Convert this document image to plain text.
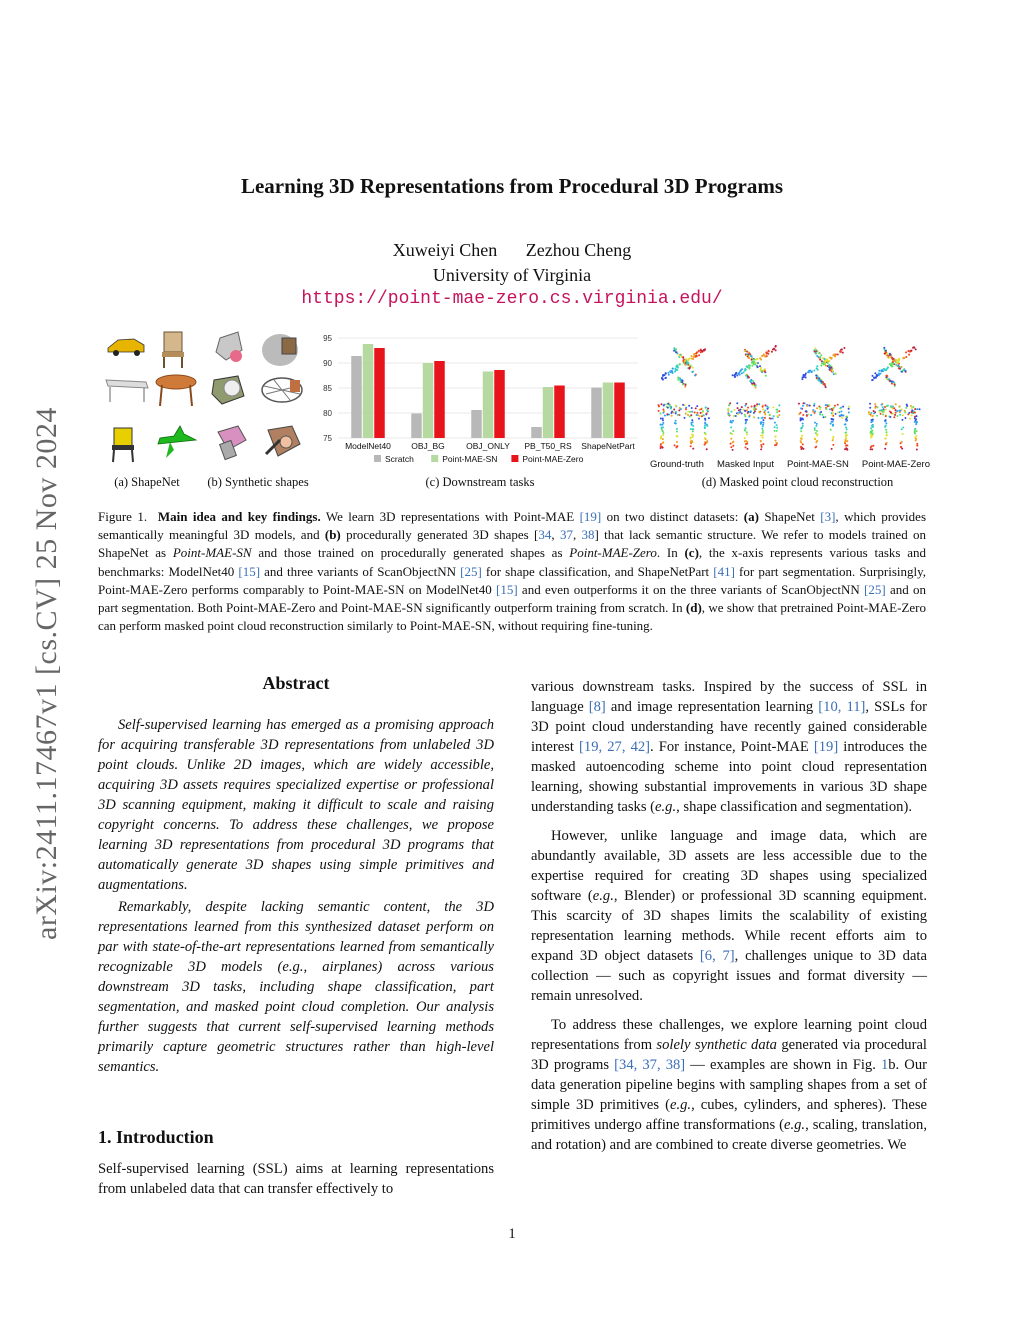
arXiv:2411.17467v1 [cs.CV] 25 Nov 2024
Learning 3D Representations from Procedural 3D Programs
Xuweiyi Chen Zezhou Cheng
University of Virginia
https://point-mae-zero.cs.virginia.edu/
(a) ShapeNet	(b) Synthetic shapes
75
80
85
90
95
ModelNet40 OBJ_BG	OBJ_ONLY PB_T50_RS ShapeNetPart
Scratch	Point-MAE-SN	Point-MAE-Zero
(c) Downstream tasks
Ground-truth Masked Input Point-MAE-SN Point-MAE-Zero
(d) Masked point cloud reconstruction
Figure 1. Main idea and key findings. We learn 3D representations with Point-MAE [19] on two distinct datasets: (a) ShapeNet [3], which provides semantically meaningful 3D models, and (b) procedurally generated 3D shapes [34, 37, 38] that lack semantic structure. We refer to models trained on ShapeNet as Point-MAE-SN and those trained on procedurally generated shapes as Point-MAE-Zero. In (c), the x-axis represents various tasks and benchmarks: ModelNet40 [15] and three variants of ScanObjectNN [25] for shape classification, and ShapeNetPart [41] for part segmentation. Surprisingly, Point-MAE-Zero performs comparably to Point-MAE-SN on ModelNet40 [15] and even outperforms it on the three variants of ScanObjectNN [25] and on part segmentation. Both Point-MAE-Zero and Point-MAE-SN significantly outperform training from scratch. In (d), we show that pretrained Point-MAE-Zero can perform masked point cloud reconstruction similarly to Point-MAE-SN, without requiring fine-tuning.
Abstract

Self-supervised learning has emerged as a promising approach for acquiring transferable 3D representations from unlabeled 3D point clouds. Unlike 2D images, which are widely accessible, acquiring 3D assets requires specialized expertise or professional 3D scanning equipment, making it difficult to scale and raising copyright concerns. To address these challenges, we propose learning 3D representations from procedural 3D programs that automatically generate 3D shapes using simple primitives and augmentations.

Remarkably, despite lacking semantic content, the 3D representations learned from this synthesized dataset perform on par with state-of-the-art representations learned from semantically recognizable 3D models (e.g., airplanes) across various downstream 3D tasks, including shape classification, part segmentation, and masked point cloud completion. Our analysis further suggests that current self-supervised learning methods primarily capture geometric structures rather than high-level semantics.

1. Introduction

Self-supervised learning (SSL) aims at learning representations from unlabeled data that can transfer effectively to

various downstream tasks. Inspired by the success of SSL in language [8] and image representation learning [10, 11], SSLs for 3D point cloud understanding have recently gained considerable interest [19, 27, 42]. For instance, Point-MAE [19] introduces the masked autoencoding scheme into point cloud representation learning, showing substantial improvements in various 3D shape understanding tasks (e.g., shape classification and segmentation).

However, unlike language and image data, which are abundantly available, 3D assets are less accessible due to the expertise required for creating 3D shapes using specialized software (e.g., Blender) or professional 3D scanning equipment. This scarcity of 3D shapes limits the scalability of existing representation learning methods. While recent efforts aim to expand 3D object datasets [6, 7], challenges unique to 3D data collection — such as copyright issues and format diversity — remain unresolved.

To address these challenges, we explore learning point cloud representations from solely synthetic data generated via procedural 3D programs [34, 37, 38] — examples are shown in Fig. 1b. Our data generation pipeline begins with sampling shapes from a set of simple 3D primitives (e.g., cubes, cylinders, and spheres). These primitives undergo affine transformations (e.g., scaling, translation, and rotation) and are combined to create diverse geometries. We

1
